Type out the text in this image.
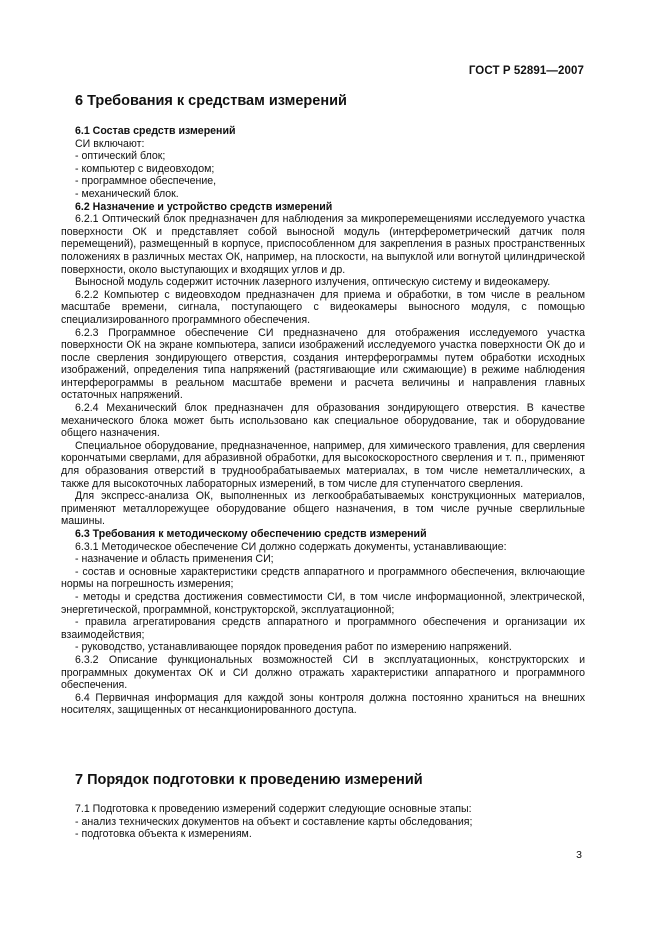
ГОСТ Р 52891—2007
6 Требования к средствам измерений

6.1 Состав средств измерений

СИ включают:

- оптический блок;

- компьютер с видеовходом;

- программное обеспечение,

- механический блок.

6.2 Назначение и устройство средств измерений

6.2.1 Оптический блок предназначен для наблюдения за микроперемещениями исследуемого участка поверхности ОК и представляет собой выносной модуль (интерферометрический датчик поля перемещений), размещенный в корпусе, приспособленном для закрепления в разных пространственных положениях в различных местах ОК, например, на плоскости, на выпуклой или вогнутой цилиндрической поверхности, около выступающих и входящих углов и др.

Выносной модуль содержит источник лазерного излучения, оптическую систему и видеокамеру.

6.2.2 Компьютер с видеовходом предназначен для приема и обработки, в том числе в реальном масштабе времени, сигнала, поступающего с видеокамеры выносного модуля, с помощью специализированного программного обеспечения.

6.2.3 Программное обеспечение СИ предназначено для отображения исследуемого участка поверхности ОК на экране компьютера, записи изображений исследуемого участка поверхности ОК до и после сверления зондирующего отверстия, создания интерферограммы путем обработки исходных изображений, определения типа напряжений (растягивающие или сжимающие) в режиме наблюдения интерферограммы в реальном масштабе времени и расчета величины и направления главных остаточных напряжений.

6.2.4 Механический блок предназначен для образования зондирующего отверстия. В качестве механического блока может быть использовано как специальное оборудование, так и оборудование общего назначения.

Специальное оборудование, предназначенное, например, для химического травления, для сверления корончатыми сверлами, для абразивной обработки, для высокоскоростного сверления и т. п., применяют для образования отверстий в труднообрабатываемых материалах, в том числе неметаллических, а также для высокоточных лабораторных измерений, в том числе для ступенчатого сверления.

Для экспресс-анализа ОК, выполненных из легкообрабатываемых конструкционных материалов, применяют металлорежущее оборудование общего назначения, в том числе ручные сверлильные машины.

6.3 Требования к методическому обеспечению средств измерений

6.3.1 Методическое обеспечение СИ должно содержать документы, устанавливающие:

- назначение и область применения СИ;

- состав и основные характеристики средств аппаратного и программного обеспечения, включающие нормы на погрешность измерения;

- методы и средства достижения совместимости СИ, в том числе информационной, электрической, энергетической, программной, конструкторской, эксплуатационной;

- правила агрегатирования средств аппаратного и программного обеспечения и организации их взаимодействия;

- руководство, устанавливающее порядок проведения работ по измерению напряжений.

6.3.2 Описание функциональных возможностей СИ в эксплуатационных, конструкторских и программных документах ОК и СИ должно отражать характеристики аппаратного и программного обеспечения.

6.4 Первичная информация для каждой зоны контроля должна постоянно храниться на внешних носителях, защищенных от несанкционированного доступа.

7 Порядок подготовки к проведению измерений

7.1 Подготовка к проведению измерений содержит следующие основные этапы:

- анализ технических документов на объект и составление карты обследования;

- подготовка объекта к измерениям.

3
